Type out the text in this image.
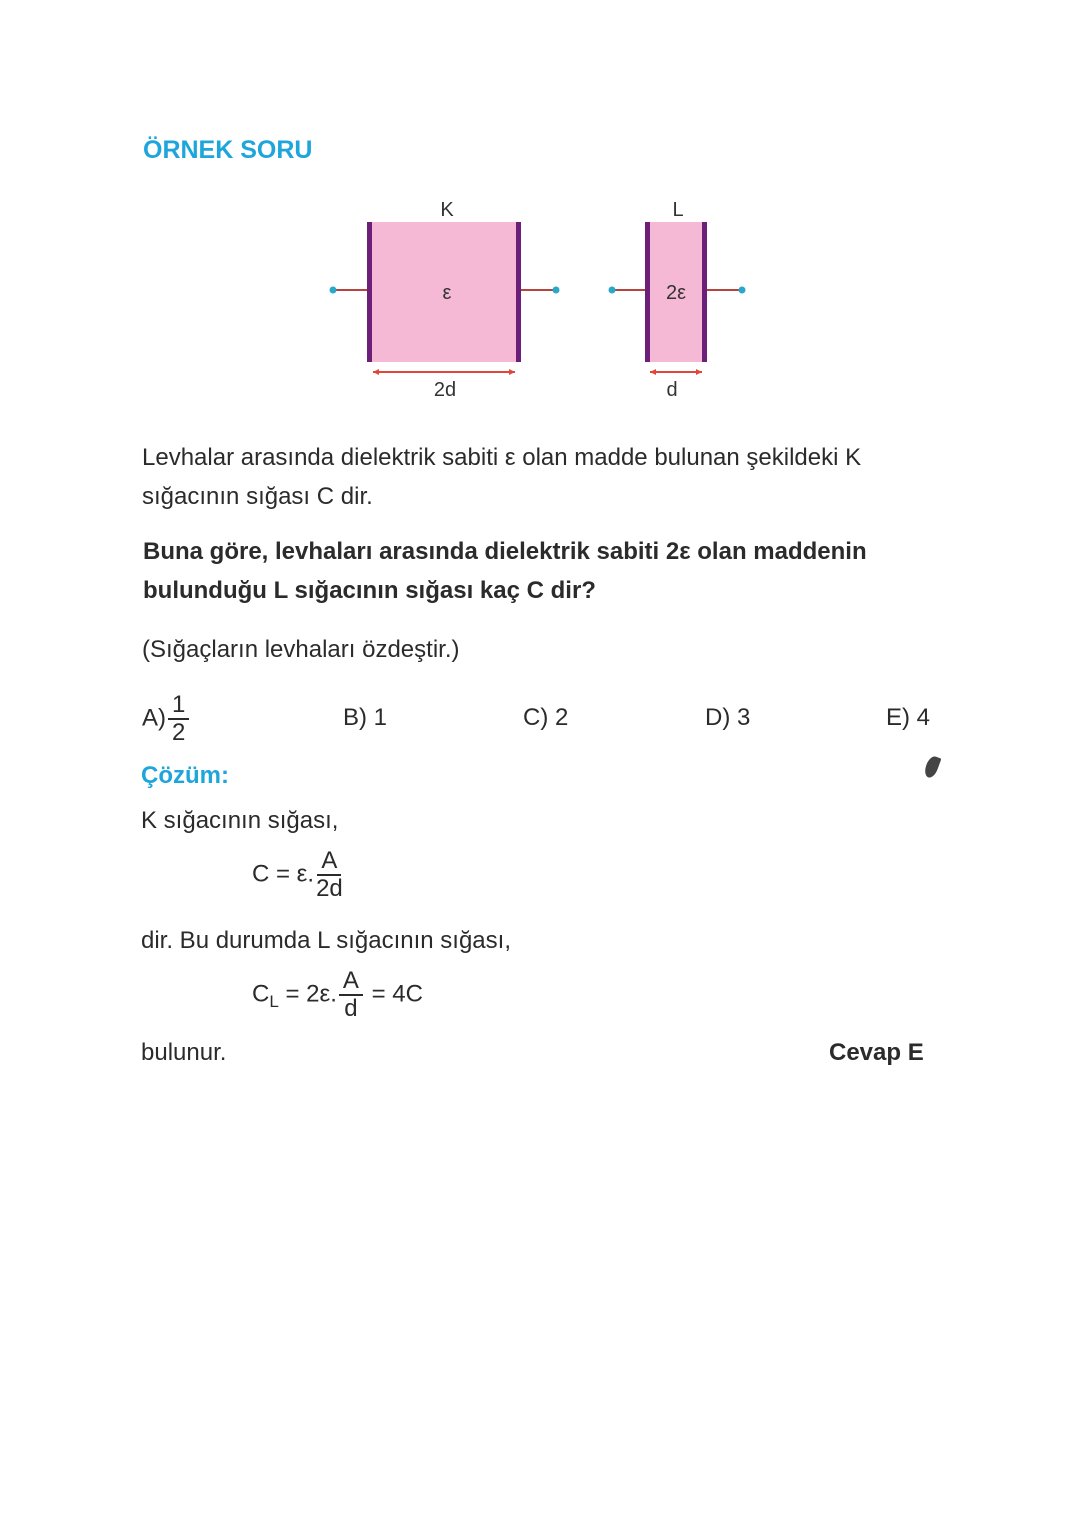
ÖRNEK SORU
K
ε
2d
L
2ε
d
Levhalar arasında dielektrik sabiti ε olan madde bulunan şekildeki K
sığacının sığası C dir.
Buna göre, levhaları arasında dielektrik sabiti 2ε olan maddenin
bulunduğu L sığacının sığası kaç C dir?
(Sığaçların levhaları özdeştir.)
$A) \frac{1}{2}$	B) 1	C) 2	D) 3	E) 4
Çözüm:
K sığacının sığası,
C = ε. $\frac{A}{2d}$
dir. Bu durumda L sığacının sığası,
$C_L = 2\varepsilon$. $\frac{A}{d} = 4C$
bulunur.	Cevap E
